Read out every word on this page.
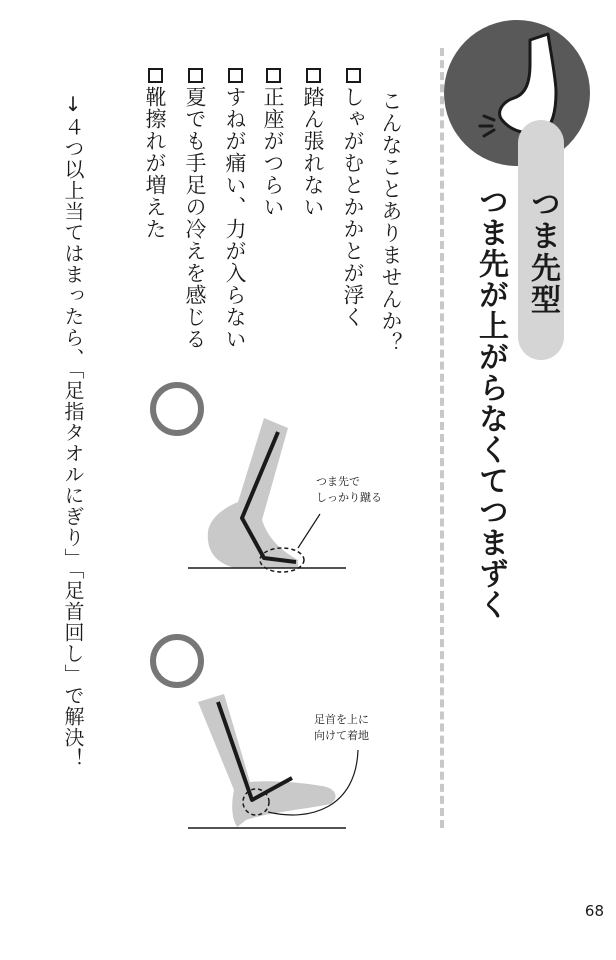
つま先型
つま先が上がらなくてつまずく
こんなことありませんか？
しゃがむとかかとが浮く
踏ん張れない
正座がつらい
すねが痛い、力が入らない
夏でも手足の冷えを感じる
靴擦れが増えた
↓４つ以上当てはまったら、「足指タオルにぎり」「足首回し」で解決！	つま先で
しっかり蹴る
足首を上に
向けて着地
68
